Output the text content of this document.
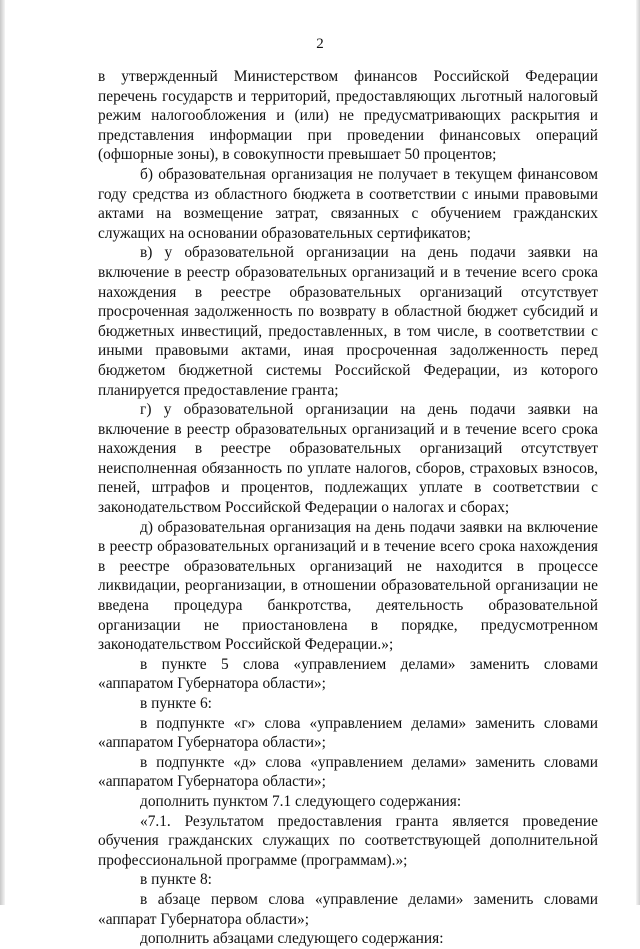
2

в утвержденный Министерством финансов Российской Федерации перечень государств и территорий, предоставляющих льготный налоговый режим налогообложения и (или) не предусматривающих раскрытия и представления информации при проведении финансовых операций (офшорные зоны), в совокупности превышает 50 процентов;

б) образовательная организация не получает в текущем финансовом году средства из областного бюджета в соответствии с иными правовыми актами на возмещение затрат, связанных с обучением гражданских служащих на основании образовательных сертификатов;

в) у образовательной организации на день подачи заявки на включение в реестр образовательных организаций и в течение всего срока нахождения в реестре образовательных организаций отсутствует просроченная задолженность по возврату в областной бюджет субсидий и бюджетных инвестиций, предоставленных, в том числе, в соответствии с иными правовыми актами, иная просроченная задолженность перед бюджетом бюджетной системы Российской Федерации, из которого планируется предоставление гранта;

г) у образовательной организации на день подачи заявки на включение в реестр образовательных организаций и в течение всего срока нахождения в реестре образовательных организаций отсутствует неисполненная обязанность по уплате налогов, сборов, страховых взносов, пеней, штрафов и процентов, подлежащих уплате в соответствии с законодательством Российской Федерации о налогах и сборах;

д) образовательная организация на день подачи заявки на включение в реестр образовательных организаций и в течение всего срока нахождения в реестре образовательных организаций не находится в процессе ликвидации, реорганизации, в отношении образовательной организации не введена процедура банкротства, деятельность образовательной организации не приостановлена в порядке, предусмотренном законодательством Российской Федерации.»;

в пункте 5 слова «управлением делами» заменить словами «аппаратом Губернатора области»;

в пункте 6:

в подпункте «г» слова «управлением делами» заменить словами «аппаратом Губернатора области»;

в подпункте «д» слова «управлением делами» заменить словами «аппаратом Губернатора области»;

дополнить пунктом 7.1 следующего содержания:

«7.1. Результатом предоставления гранта является проведение обучения гражданских служащих по соответствующей дополнительной профессиональной программе (программам).»;

в пункте 8:

в абзаце первом слова «управление делами» заменить словами «аппарат Губернатора области»;

дополнить абзацами следующего содержания:
